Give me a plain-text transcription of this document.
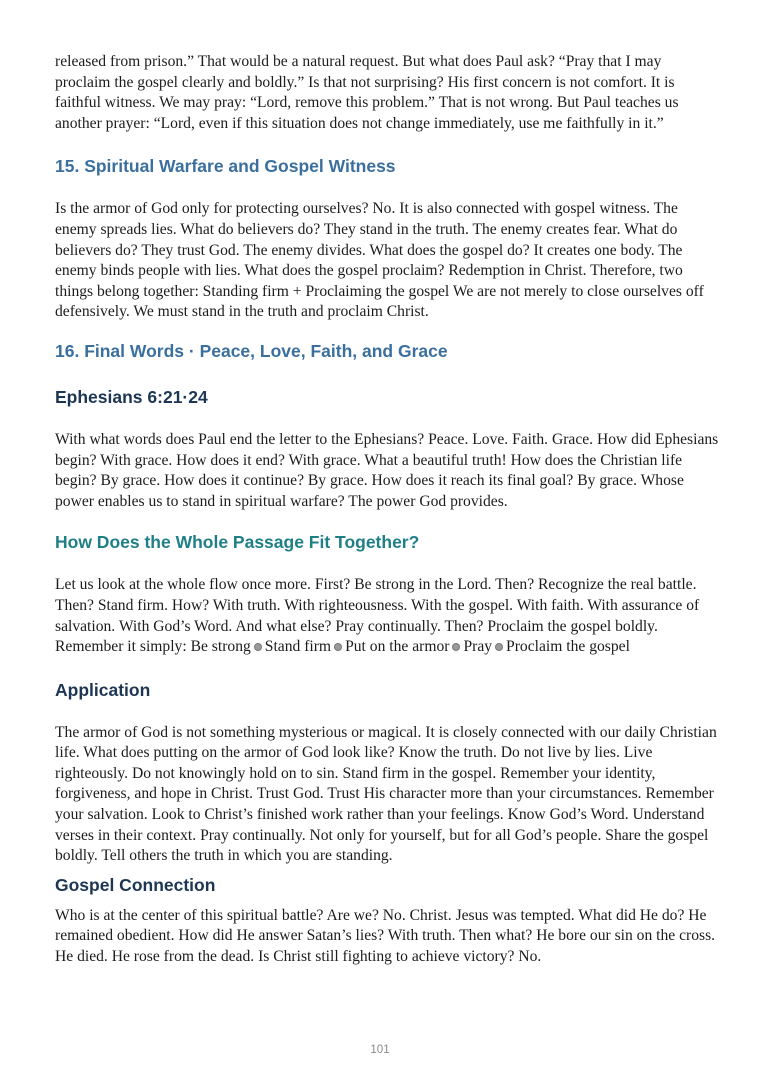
released from prison.” That would be a natural request. But what does Paul ask? “Pray that I may proclaim the gospel clearly and boldly.” Is that not surprising? His first concern is not comfort. It is faithful witness. We may pray: “Lord, remove this problem.” That is not wrong. But Paul teaches us another prayer: “Lord, even if this situation does not change immediately, use me faithfully in it.”

15. Spiritual Warfare and Gospel Witness

Is the armor of God only for protecting ourselves? No. It is also connected with gospel witness. The enemy spreads lies. What do believers do? They stand in the truth. The enemy creates fear. What do believers do? They trust God. The enemy divides. What does the gospel do? It creates one body. The enemy binds people with lies. What does the gospel proclaim? Redemption in Christ. Therefore, two things belong together: Standing firm + Proclaiming the gospel We are not merely to close ourselves off defensively. We must stand in the truth and proclaim Christ.

16. Final Words · Peace, Love, Faith, and Grace
Ephesians 6:21·24

With what words does Paul end the letter to the Ephesians? Peace. Love. Faith. Grace. How did Ephesians begin? With grace. How does it end? With grace. What a beautiful truth! How does the Christian life begin? By grace. How does it continue? By grace. How does it reach its final goal? By grace. Whose power enables us to stand in spiritual warfare? The power God provides.

How Does the Whole Passage Fit Together?

Let us look at the whole flow once more. First? Be strong in the Lord. Then? Recognize the real battle. Then? Stand firm. How? With truth. With righteousness. With the gospel. With faith. With assurance of salvation. With God’s Word. And what else? Pray continually. Then? Proclaim the gospel boldly. Remember it simply: Be strong Stand firm Put on the armor Pray Proclaim the gospel

Application

The armor of God is not something mysterious or magical. It is closely connected with our daily Christian life. What does putting on the armor of God look like? Know the truth. Do not live by lies. Live righteously. Do not knowingly hold on to sin. Stand firm in the gospel. Remember your identity, forgiveness, and hope in Christ. Trust God. Trust His character more than your circumstances. Remember your salvation. Look to Christ’s finished work rather than your feelings. Know God’s Word. Understand verses in their context. Pray continually. Not only for yourself, but for all God’s people. Share the gospel boldly. Tell others the truth in which you are standing.

Gospel Connection

Who is at the center of this spiritual battle? Are we? No. Christ. Jesus was tempted. What did He do? He remained obedient. How did He answer Satan’s lies? With truth. Then what? He bore our sin on the cross. He died. He rose from the dead. Is Christ still fighting to achieve victory? No.

101
